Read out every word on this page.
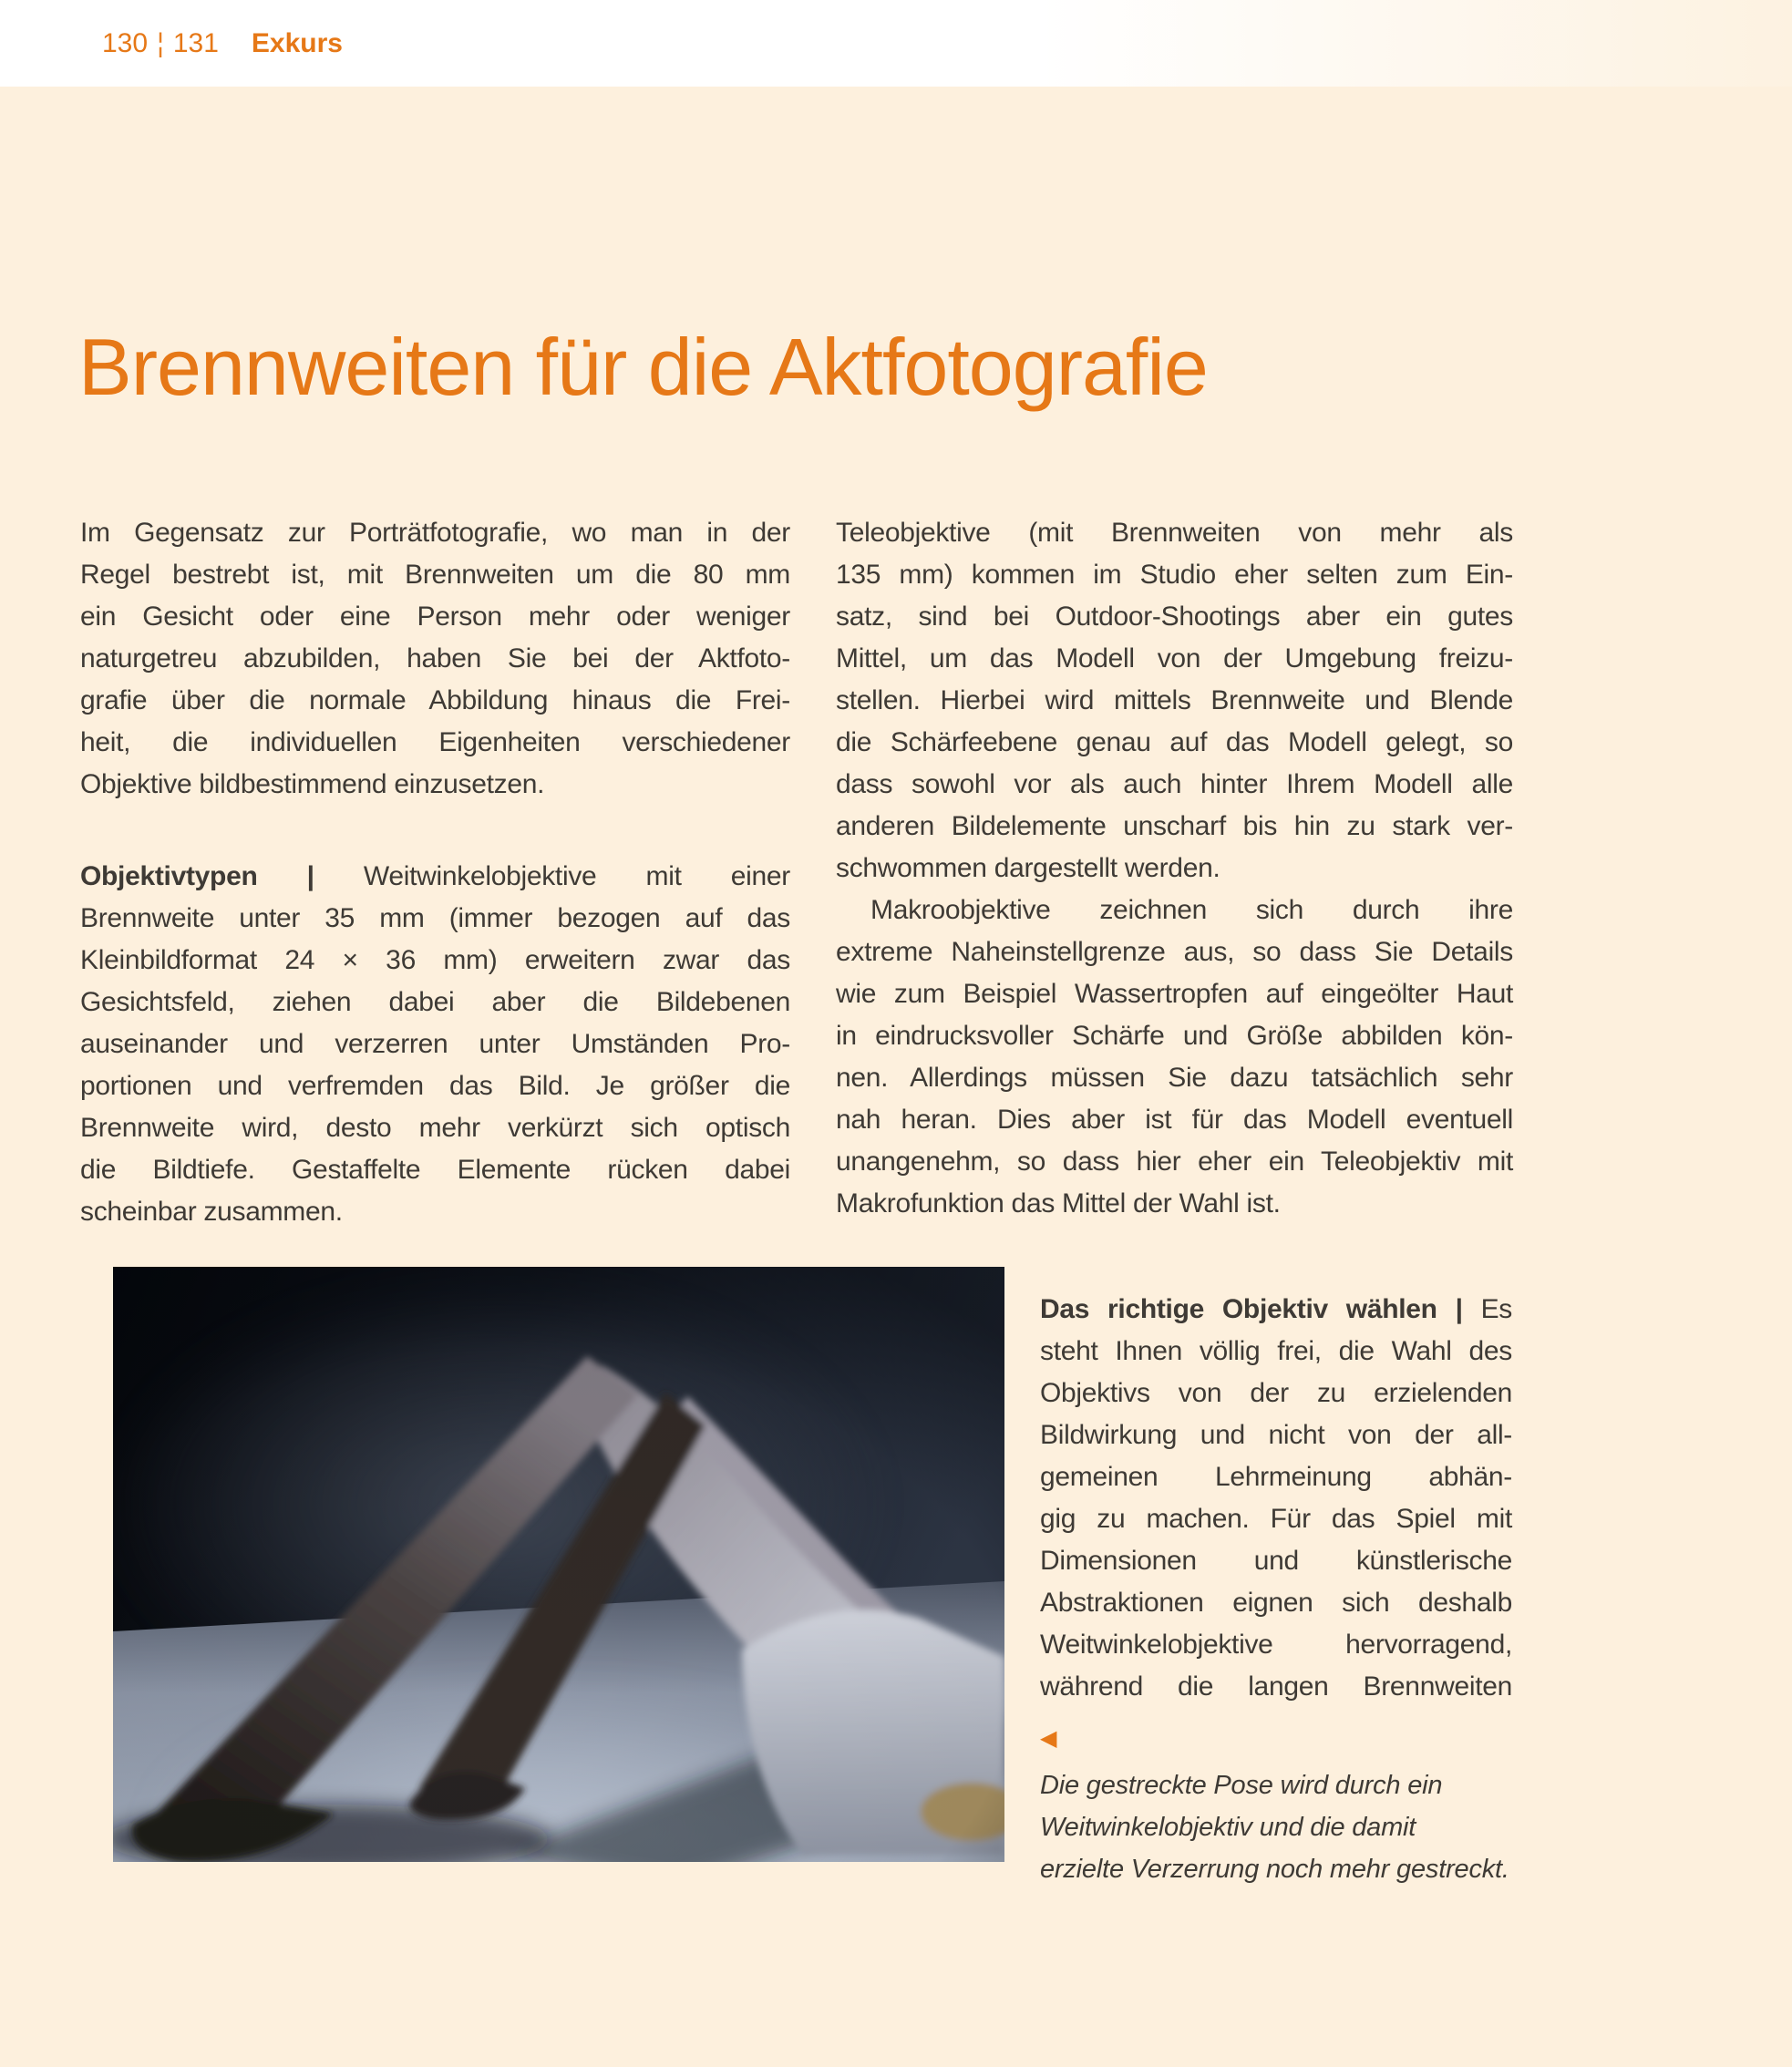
130 ¦ 131 Exkurs
Brennweiten für die Aktfotografie
Im Gegensatz zur Porträtfotografie, wo man in der
Regel bestrebt ist, mit Brennweiten um die 80 mm
ein Gesicht oder eine Person mehr oder weniger
naturgetreu abzubilden, haben Sie bei der Aktfoto-
grafie über die normale Abbildung hinaus die Frei-
heit, die individuellen Eigenheiten verschiedener
Objektive bildbestimmend einzusetzen.
Objektivtypen | Weitwinkelobjektive mit einer
Brennweite unter 35 mm (immer bezogen auf das
Kleinbildformat 24 × 36 mm) erweitern zwar das
Gesichtsfeld, ziehen dabei aber die Bildebenen
auseinander und verzerren unter Umständen Pro-
portionen und verfremden das Bild. Je größer die
Brennweite wird, desto mehr verkürzt sich optisch
die Bildtiefe. Gestaffelte Elemente rücken dabei
scheinbar zusammen.
Teleobjektive (mit Brennweiten von mehr als
135 mm) kommen im Studio eher selten zum Ein-
satz, sind bei Outdoor-Shootings aber ein gutes
Mittel, um das Modell von der Umgebung freizu-
stellen. Hierbei wird mittels Brennweite und Blende
die Schärfeebene genau auf das Modell gelegt, so
dass sowohl vor als auch hinter Ihrem Modell alle
anderen Bildelemente unscharf bis hin zu stark ver-
schwommen dargestellt werden.
Makroobjektive zeichnen sich durch ihre
extreme Naheinstellgrenze aus, so dass Sie Details
wie zum Beispiel Wassertropfen auf eingeölter Haut
in eindrucksvoller Schärfe und Größe abbilden kön-
nen. Allerdings müssen Sie dazu tatsächlich sehr
nah heran. Dies aber ist für das Modell eventuell
unangenehm, so dass hier eher ein Teleobjektiv mit
Makrofunktion das Mittel der Wahl ist.
Das richtige Objektiv wählen | Es
steht Ihnen völlig frei, die Wahl des
Objektivs von der zu erzielenden
Bildwirkung und nicht von der all-
gemeinen Lehrmeinung abhän-
gig zu machen. Für das Spiel mit
Dimensionen und künstlerische
Abstraktionen eignen sich deshalb
Weitwinkelobjektive hervorragend,
während die langen Brennweiten
◀
Die gestreckte Pose wird durch ein
Weitwinkelobjektiv und die damit
erzielte Verzerrung noch mehr gestreckt.
